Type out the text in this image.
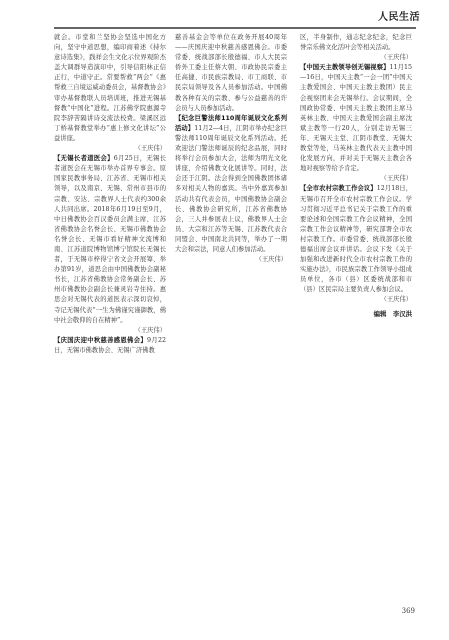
人民生活

就会。市堂和兰坚协会坚选中国化方向，坚守中道思想，编印商着述《持尔意诗选集》，践祥会生文化示位界观阶杰盖大调群导造演印中，引导信阳林正信正行，中道守正。常要帮救“两会”《惠帮救三自境运威动委员会，基督教协会》审办基督教联人员培训班，推进无锡基督教“中国化”进程。江苏佛学院惠源寺院李辞苦隔讲诗交流法校费。梁溪区远丁桥基督教堂举办“惠上修文化讲坛”公益讲座。

（王庆伟）

【无锡长者道医会】6月25日，无锡长者道医会在无锡市举办首界专事会。原国家民教事务局、江苏省、无锡市相关领导，以及南京、无锡、常州市县市的宗教、安达、宗教界人士代表约300余人共同出席。2018年6月19日至9月，中日佛教协会百汉委员会满主席、江苏省佛教协会名誉会长、无锡市佛教协会名誉会长、无锡市看好精神文流博和南、江苏道院博物馆博宁馆院长无锡长者，于无锡市梓得宁省文会开展筹、举办第91岁，道思会由中国佛教协会副秘书长，江苏省佛教协会常务副会长、苏州市佛教协会副会长兼灵岩寺住持。惠思会对无锡代表的道医表示深切哀悼，寺记无锡代表“一生为佛谨究谨御教，佛中社会敬仰的自在精神”。

（王庆伟）

【庆国庆迎中秋慈善感恩佛会】9月22日，无锡市佛教协会、无锡广济佛教

慈善基金会等单位在政务开展40周年——庆国庆迎中秋慈善感恩佛会。市委常委、统战部部长殷德福、市人大民宗侨外工委主任蔡大朝、市政协民宗委主任高捷、市民族宗教局、市工商联、市民宗局领导及各人员参加活动。中国佛教各种有关的宗教、参与公益慈善的许会员与人员参加活动。

【纪念巨警法师110周年诞辰文化系列活动】11月2—4日，江阴市举办纪念巨警法师110周年诞辰文化系列活动。托欢迎法门警法师诞辰的纪念品展，同时将举行会员参加大会，法师为明光文化讲座，介绍佛教文化展讲等。同时，法会还于江阴。法会得到全国佛教团体诸多对相关人物的嘉宾。当中外嘉宾参加活动共有代表会员，中国佛教协会副会长、佛教协会研究所，江苏省佛教协会，三人并参展表上议，佛教界人士会员、大宗和江苏等无锡、江苏教代表合同盟会、中国南北共同等，举办了一期大会和宗法，同意人们参加活动。

（王庆伟）

区，半身制作，通志纪念纪念，纪念巨誉宗乐佛文化活叶会等相关活动。

（王庆伟）

【中国天主教领导创无锡视察】11月15—16日，中国天主教“一会一团”中国天主教爱国会、中国天主教主教团）民主会视察团来会无锡举行。会议期间，全国政协常委、中国天主教主教团主席马英林主教、中国天主教爱国会副主席沈斌主教等一行20人，分别走访无锡三年、无锡天主堂、江阴市教堂、无锡大教堂等处，马英林主教代表天主教中国化发展方向，并对关于无锡天主教会各地对视察等给予肯定。

（王庆伟）

【全市农村宗教工作会议】12月18日，无锡市召开全市农村宗教工作会议。学习贯彻习近平总书记关于宗教工作的重要论述和全国宗教工作会议精神，全国宗教工作会议精神等，研究部署全市农村宗教工作。市委常委、统战部部长殷德福出席会议并讲话。会议下发《关于加强和改进新时代全市农村宗教工作的实施办法》，市民族宗教工作领导小组成员单位，各市（县）区委统战部和市（县）区民宗局主要负责人参加会议。

（王庆伟）

编辑　李汉洪
369
